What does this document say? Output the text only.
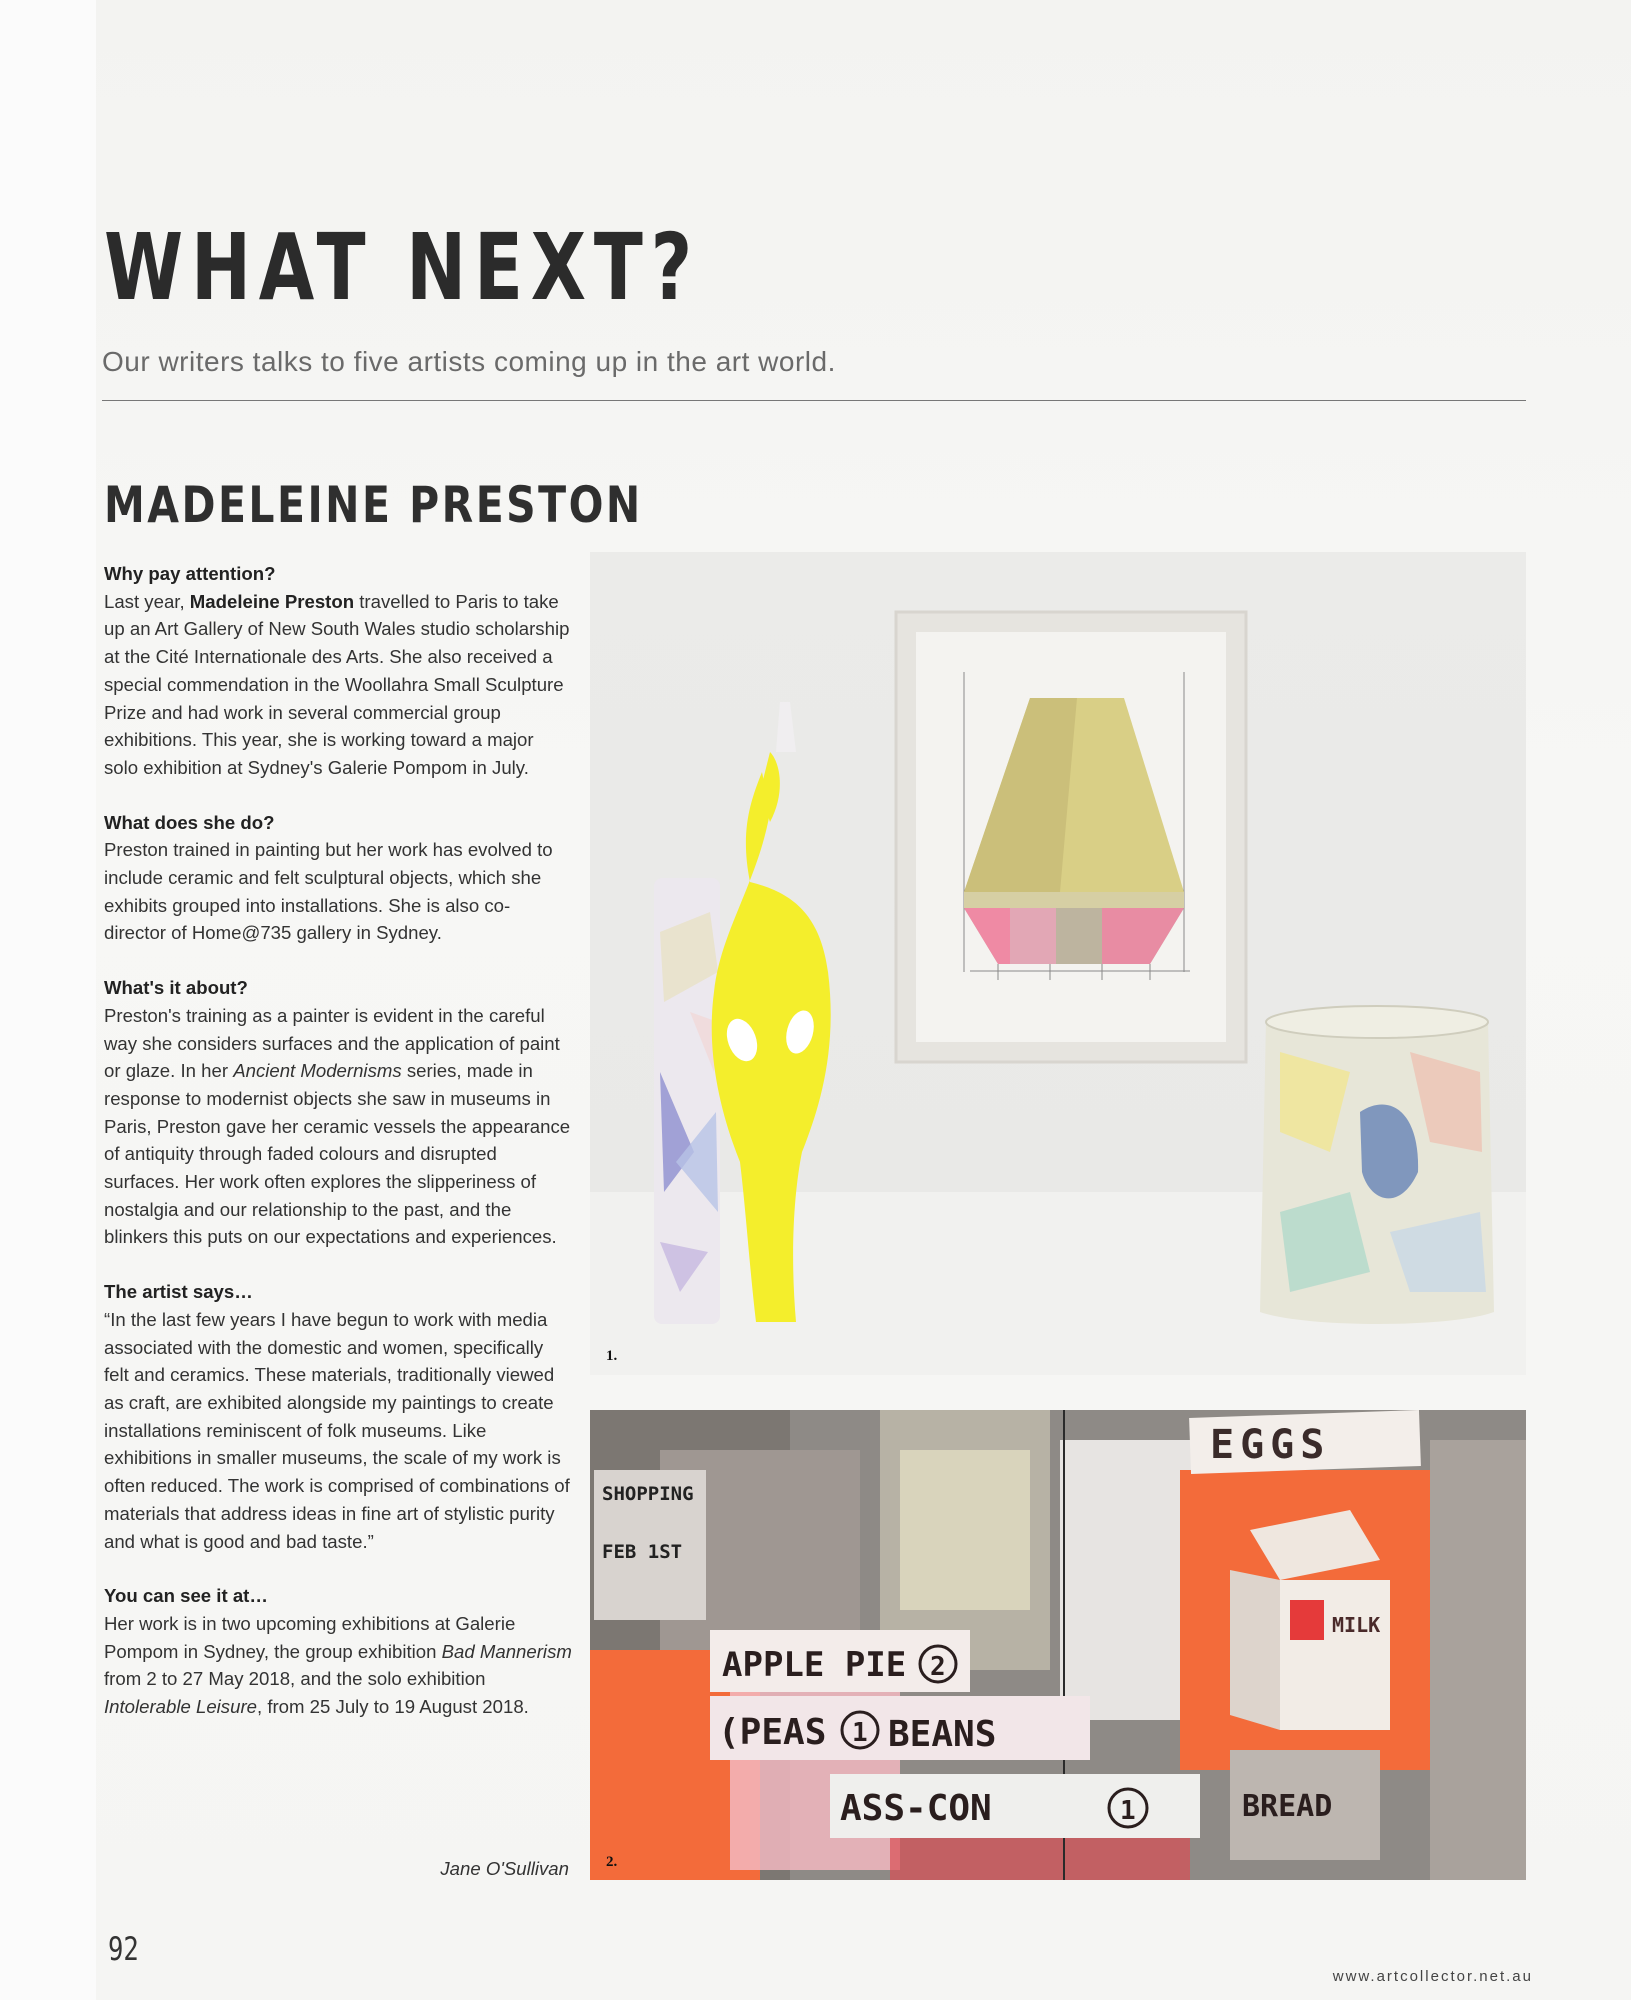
WHAT NEXT?

Our writers talks to five artists coming up in the art world.

MADELEINE PRESTON
Why pay attention?

Last year, Madeleine Preston travelled to Paris to take up an Art Gallery of New South Wales studio scholarship at the Cité Internationale des Arts. She also received a special commendation in the Woollahra Small Sculpture Prize and had work in several commercial group exhibitions. This year, she is working toward a major solo exhibition at Sydney's Galerie Pompom in July.

What does she do?

Preston trained in painting but her work has evolved to include ceramic and felt sculptural objects, which she exhibits grouped into installations. She is also co-director of Home@735 gallery in Sydney.

What's it about?

Preston's training as a painter is evident in the careful way she considers surfaces and the application of paint or glaze. In her Ancient Modernisms series, made in response to modernist objects she saw in museums in Paris, Preston gave her ceramic vessels the appearance of antiquity through faded colours and disrupted surfaces. Her work often explores the slipperiness of nostalgia and our relationship to the past, and the blinkers this puts on our expectations and experiences.

The artist says…

“In the last few years I have begun to work with media associated with the domestic and women, specifically felt and ceramics. These materials, traditionally viewed as craft, are exhibited alongside my paintings to create installations reminiscent of folk museums. Like exhibitions in smaller museums, the scale of my work is often reduced. The work is comprised of combinations of materials that address ideas in fine art of stylistic purity and what is good and bad taste.”

You can see it at…

Her work is in two upcoming exhibitions at Galerie Pompom in Sydney, the group exhibition Bad Mannerism from 2 to 27 May 2018, and the solo exhibition Intolerable Leisure, from 25 July to 19 August 2018.

Jane O'Sullivan
1.
EGGS
MILK
SHOPPING
FEB 1ST
APPLE PIE 2
(PEAS 1 BEANS
ASS-CON	1	BREAD
2.
92
www.artcollector.net.au
